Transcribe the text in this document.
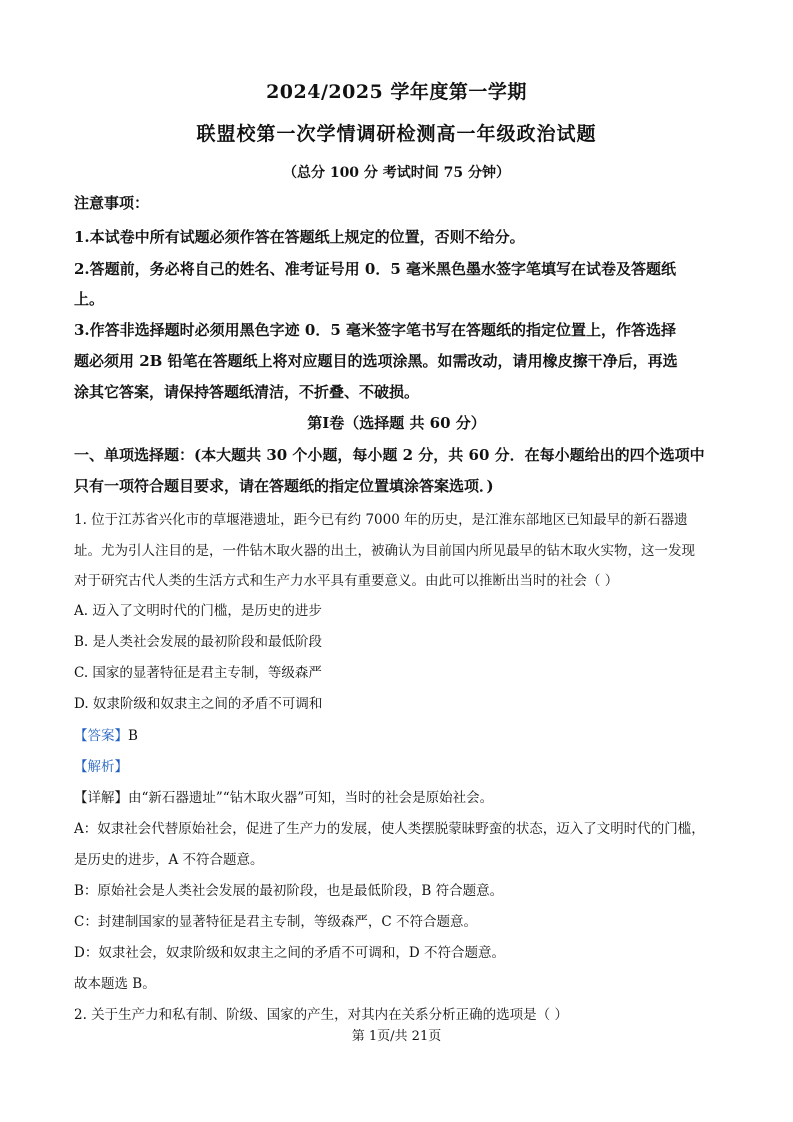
2024/2025 学年度第一学期
联盟校第一次学情调研检测高一年级政治试题
（总分 100 分 考试时间 75 分钟）
注意事项：
1.本试卷中所有试题必须作答在答题纸上规定的位置，否则不给分。
2.答题前，务必将自己的姓名、准考证号用 0．5 毫米黑色墨水签字笔填写在试卷及答题纸
上。
3.作答非选择题时必须用黑色字迹 0．5 毫米签字笔书写在答题纸的指定位置上，作答选择
题必须用 2B 铅笔在答题纸上将对应题目的选项涂黑。如需改动，请用橡皮擦干净后，再选
涂其它答案，请保持答题纸清洁，不折叠、不破损。
第Ⅰ卷（选择题 共 60 分）
一、单项选择题：(本大题共 30 个小题，每小题 2 分，共 60 分．在每小题给出的四个选项中
只有一项符合题目要求，请在答题纸的指定位置填涂答案选项．)
1. 位于江苏省兴化市的草堰港遗址，距今已有约 7000 年的历史，是江淮东部地区已知最早的新石器遗
址。尤为引人注目的是，一件钻木取火器的出土，被确认为目前国内所见最早的钻木取火实物，这一发现
对于研究古代人类的生活方式和生产力水平具有重要意义。由此可以推断出当时的社会（ ）
A. 迈入了文明时代的门槛，是历史的进步
B. 是人类社会发展的最初阶段和最低阶段
C. 国家的显著特征是君主专制，等级森严
D. 奴隶阶级和奴隶主之间的矛盾不可调和
【答案】B
【解析】
【详解】由“新石器遗址”“钻木取火器”可知，当时的社会是原始社会。
A：奴隶社会代替原始社会，促进了生产力的发展，使人类摆脱蒙昧野蛮的状态，迈入了文明时代的门槛，
是历史的进步，A 不符合题意。
B：原始社会是人类社会发展的最初阶段，也是最低阶段，B 符合题意。
C：封建制国家的显著特征是君主专制，等级森严，C 不符合题意。
D：奴隶社会，奴隶阶级和奴隶主之间的矛盾不可调和，D 不符合题意。
故本题选 B。
2. 关于生产力和私有制、阶级、国家的产生，对其内在关系分析正确的选项是（ ）
第 1页/共 21页
